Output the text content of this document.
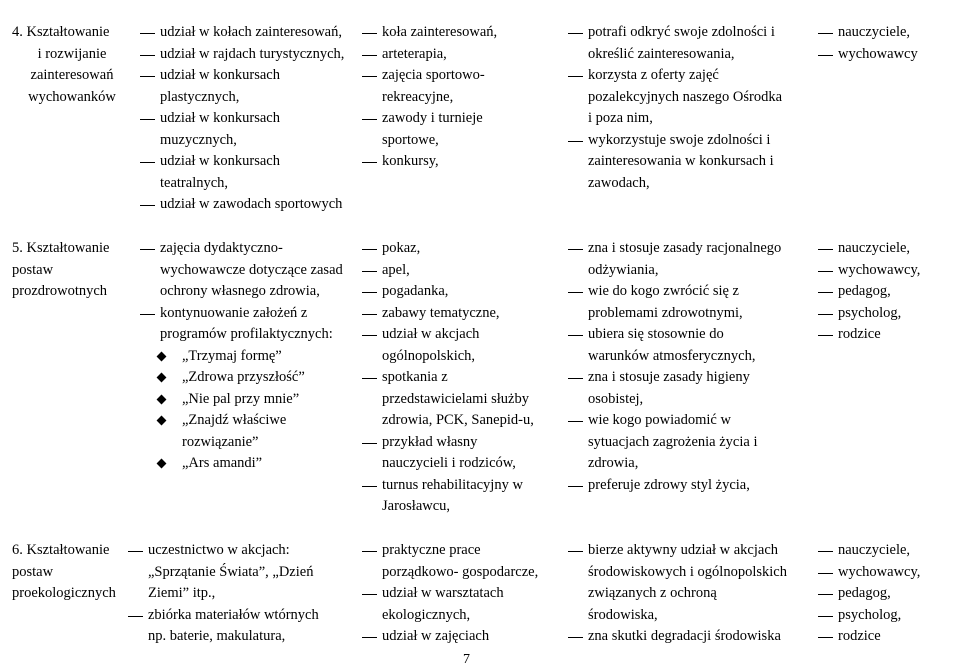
4. Kształtowanie
i rozwijanie
zainteresowań
wychowanków
udział w kołach zainteresowań,
udział w rajdach turystycznych,
udział w konkursach
plastycznych,
udział w konkursach
muzycznych,
udział w konkursach
teatralnych,
udział w zawodach sportowych
koła zainteresowań,
arteterapia,
zajęcia sportowo-
rekreacyjne,
zawody i turnieje
sportowe,
konkursy,
potrafi odkryć swoje zdolności i
określić zainteresowania,
korzysta z oferty zajęć
pozalekcyjnych naszego Ośrodka
i poza nim,
wykorzystuje swoje zdolności i
zainteresowania w konkursach i
zawodach,
nauczyciele,
wychowawcy
5. Kształtowanie
postaw
prozdrowotnych
zajęcia dydaktyczno-
wychowawcze dotyczące zasad
ochrony własnego zdrowia,
kontynuowanie założeń z
programów profilaktycznych:
„Trzymaj formę”
„Zdrowa przyszłość”
„Nie pal przy mnie”
„Znajdź właściwe
rozwiązanie”
„Ars amandi”
pokaz,
apel,
pogadanka,
zabawy tematyczne,
udział w akcjach
ogólnopolskich,
spotkania z
przedstawicielami służby
zdrowia, PCK, Sanepid-u,
przykład własny
nauczycieli i rodziców,
turnus rehabilitacyjny w
Jarosławcu,
zna i stosuje zasady racjonalnego
odżywiania,
wie do kogo zwrócić się z
problemami zdrowotnymi,
ubiera się stosownie do
warunków atmosferycznych,
zna i stosuje zasady higieny
osobistej,
wie kogo powiadomić w
sytuacjach zagrożenia życia i
zdrowia,
preferuje zdrowy styl życia,
nauczyciele,
wychowawcy,
pedagog,
psycholog,
rodzice
6. Kształtowanie
postaw
proekologicznych
uczestnictwo w akcjach:
„Sprzątanie Świata”, „Dzień
Ziemi” itp.,
zbiórka materiałów wtórnych
np. baterie, makulatura,
praktyczne prace
porządkowo- gospodarcze,
udział w warsztatach
ekologicznych,
udział w zajęciach
bierze aktywny udział w akcjach
środowiskowych i ogólnopolskich
związanych z ochroną
środowiska,
zna skutki degradacji środowiska
nauczyciele,
wychowawcy,
pedagog,
psycholog,
rodzice
7
